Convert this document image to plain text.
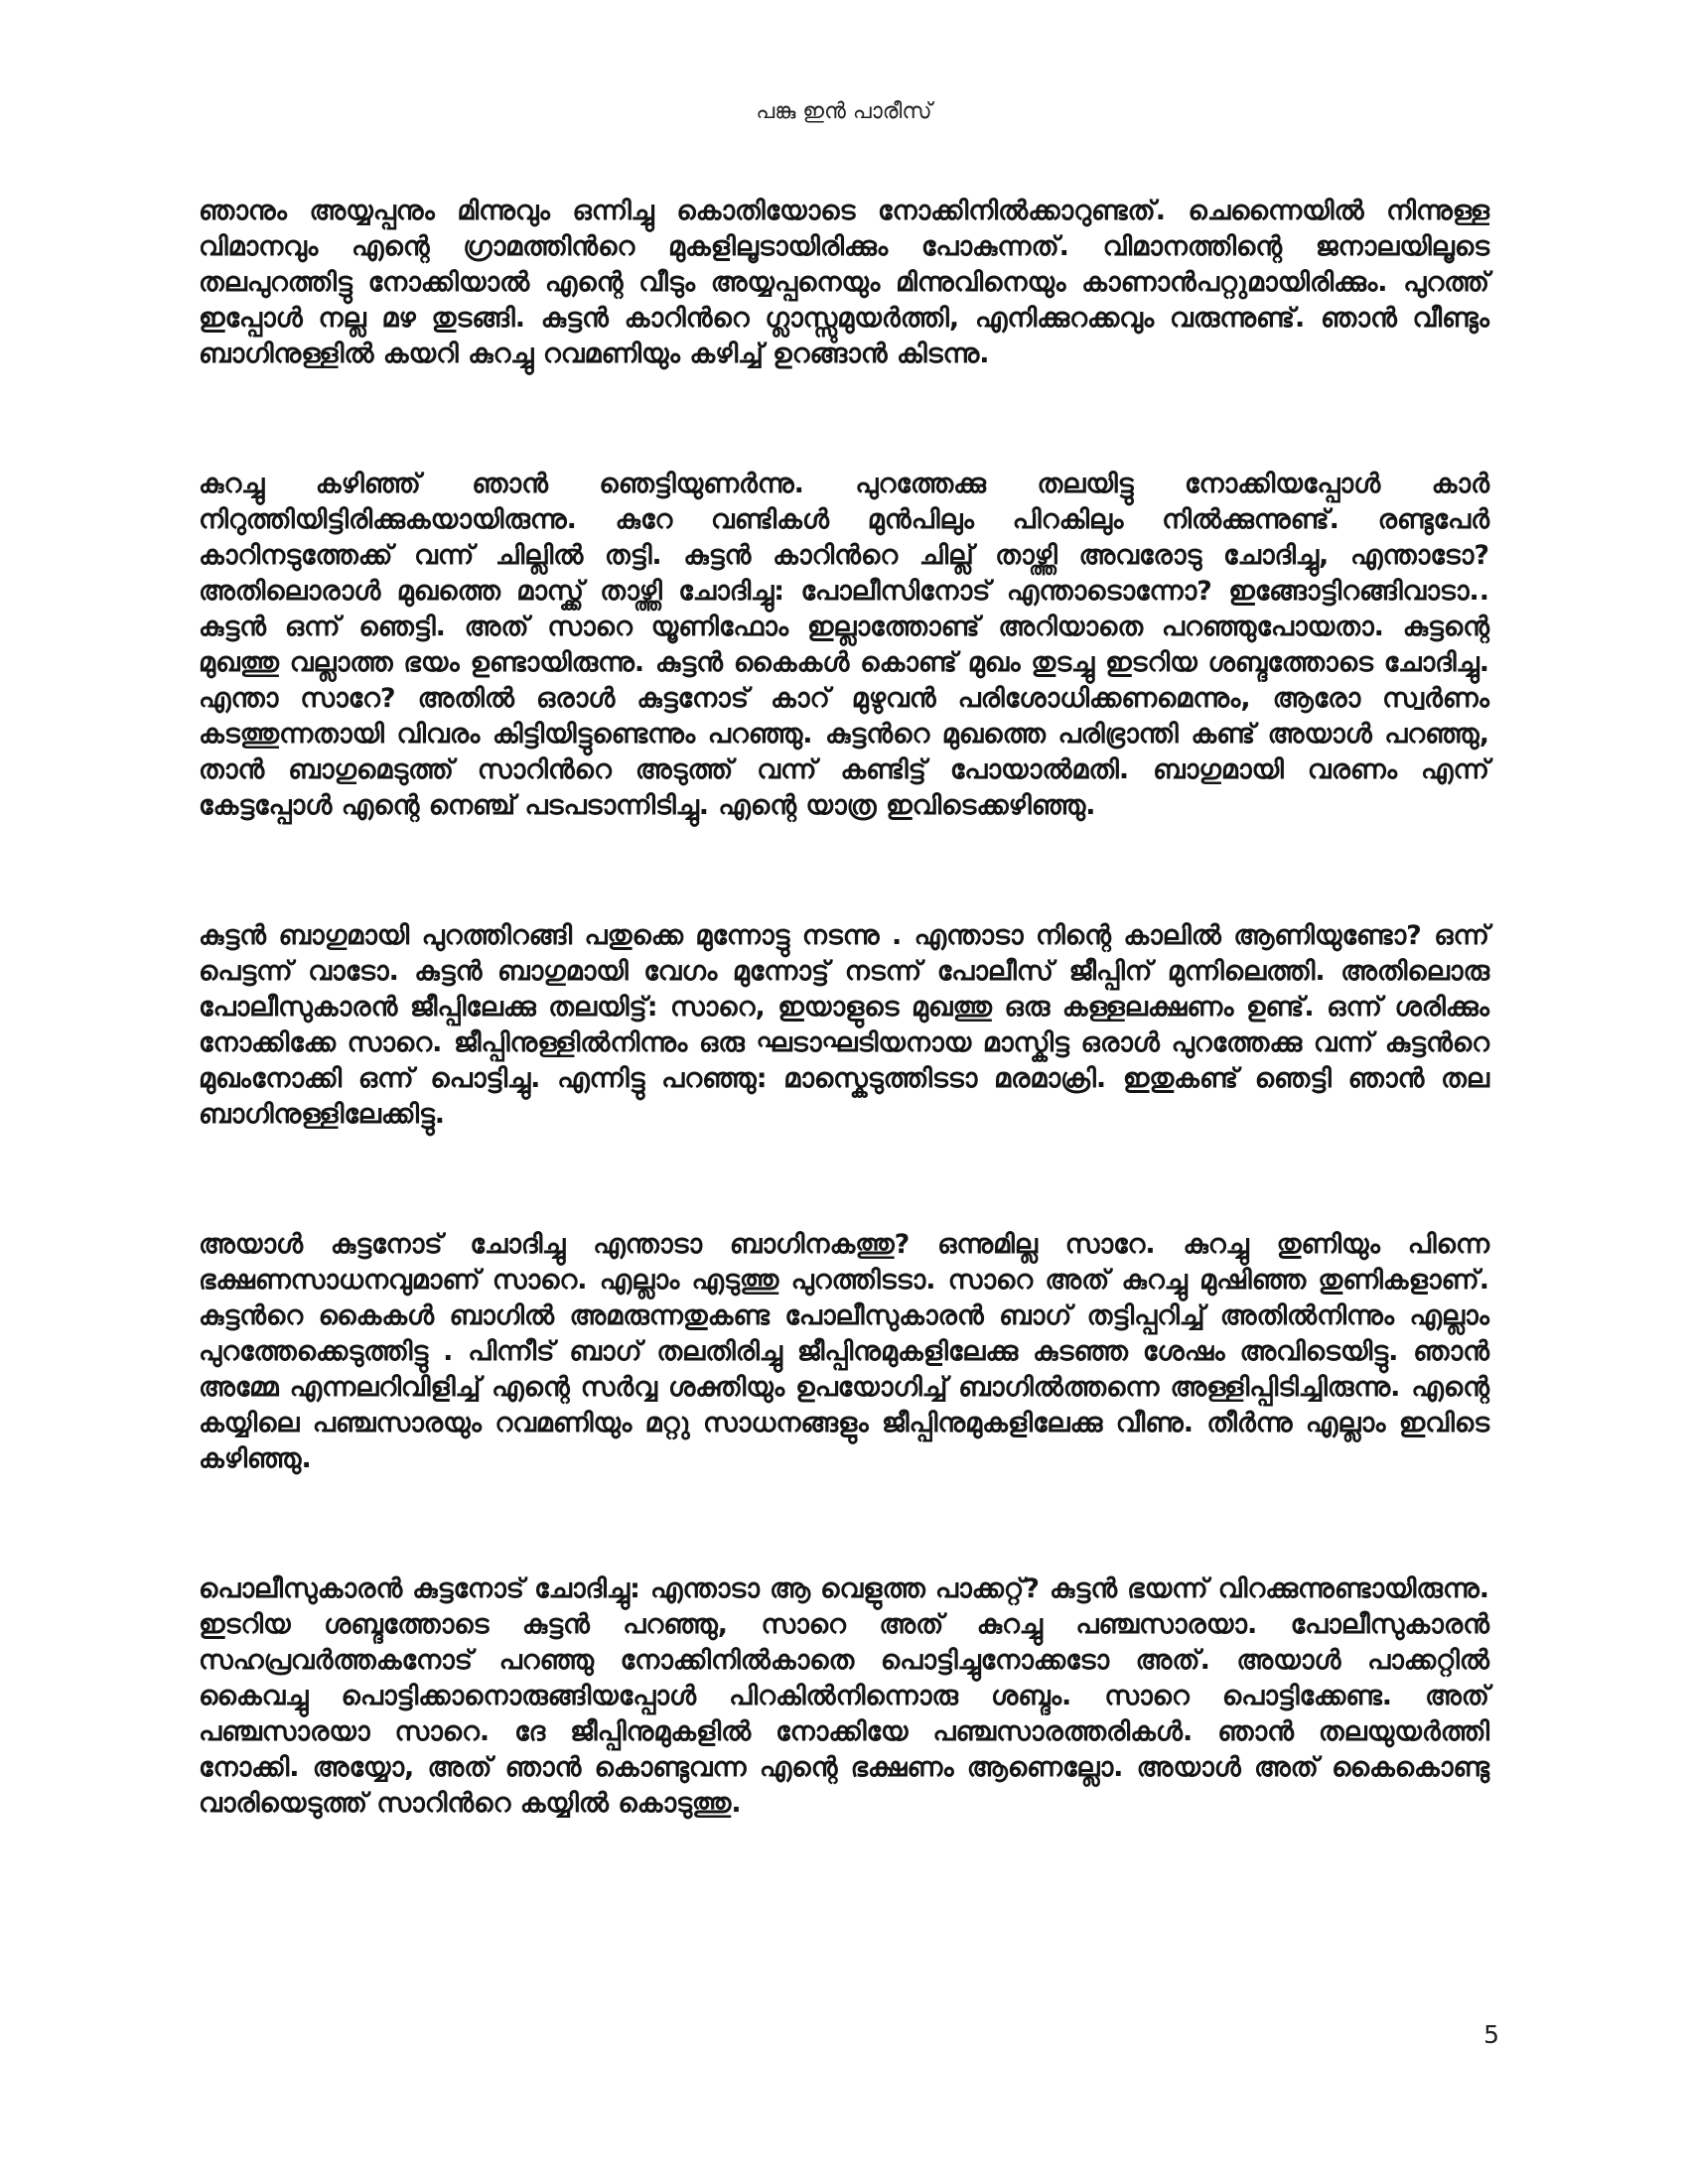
പങ്കു ഇൻ പാരീസ്

ഞാനും അയ്യപ്പനും മിന്നുവും ഒന്നിച്ചു കൊതിയോടെ നോക്കിനിൽക്കാറുണ്ടത്. ചെന്നൈയിൽ നിന്നുള്ള വിമാനവും എന്റെ ഗ്രാമത്തിൻറെ മുകളിലൂടായിരിക്കും പോകുന്നത്. വിമാനത്തിന്റെ ജനാലയിലൂടെ തലപുറത്തിട്ടു നോക്കിയാൽ എന്റെ വീടും അയ്യപ്പനെയും മിന്നുവിനെയും കാണാൻപറ്റുമായിരിക്കും. പുറത്ത് ഇപ്പോൾ നല്ല മഴ തുടങ്ങി. കുട്ടൻ കാറിൻറെ ഗ്ലാസ്സുമുയർത്തി, എനിക്കുറക്കവും വരുന്നുണ്ട്. ഞാൻ വീണ്ടും ബാഗിനുള്ളിൽ കയറി കുറച്ചു റവമണിയും കഴിച്ച് ഉറങ്ങാൻ കിടന്നു.

കുറച്ചു കഴിഞ്ഞ് ഞാൻ ഞെട്ടിയുണർന്നു. പുറത്തേക്കു തലയിട്ടു നോക്കിയപ്പോൾ കാർ നിറുത്തിയിട്ടിരിക്കുകയായിരുന്നു. കുറേ വണ്ടികൾ മുൻപിലും പിറകിലും നിൽക്കുന്നുണ്ട്. രണ്ടുപേർ കാറിനടുത്തേക്ക് വന്ന് ചില്ലിൽ തട്ടി. കുട്ടൻ കാറിൻറെ ചില്ല് താഴ്ത്തി അവരോടു ചോദിച്ചു, എന്താടോ? അതിലൊരാൾ മുഖത്തെ മാസ്ക്ക് താഴ്ത്തി ചോദിച്ചു: പോലീസിനോട് എന്താടൊന്നോ? ഇങ്ങോട്ടിറങ്ങിവാടാ.. കുട്ടൻ ഒന്ന് ഞെട്ടി. അത് സാറെ യൂണിഫോം ഇല്ലാത്തോണ്ട് അറിയാതെ പറഞ്ഞുപോയതാ. കുട്ടന്റെ മുഖത്തു വല്ലാത്ത ഭയം ഉണ്ടായിരുന്നു. കുട്ടൻ കൈകൾ കൊണ്ട് മുഖം തുടച്ചു ഇടറിയ ശബ്ദത്തോടെ ചോദിച്ചു. എന്താ സാറേ? അതിൽ ഒരാൾ കുട്ടനോട് കാറ് മുഴുവൻ പരിശോധിക്കണമെന്നും, ആരോ സ്വർണം കടത്തുന്നതായി വിവരം കിട്ടിയിട്ടുണ്ടെന്നും പറഞ്ഞു. കുട്ടൻറെ മുഖത്തെ പരിഭ്രാന്തി കണ്ട് അയാൾ പറഞ്ഞു, താൻ ബാഗുമെടുത്ത് സാറിൻറെ അടുത്ത് വന്ന് കണ്ടിട്ട് പോയാൽമതി. ബാഗുമായി വരണം എന്ന് കേട്ടപ്പോൾ എന്റെ നെഞ്ച് പടപടാന്നിടിച്ചു. എന്റെ യാത്ര ഇവിടെക്കഴിഞ്ഞു.

കുട്ടൻ ബാഗുമായി പുറത്തിറങ്ങി പതുക്കെ മുന്നോട്ടു നടന്നു . എന്താടാ നിന്റെ കാലിൽ ആണിയുണ്ടോ? ഒന്ന് പെട്ടന്ന് വാടോ. കുട്ടൻ ബാഗുമായി വേഗം മുന്നോട്ട് നടന്ന് പോലീസ് ജീപ്പിന് മുന്നിലെത്തി. അതിലൊരു പോലീസുകാരൻ ജീപ്പിലേക്കു തലയിട്ട്: സാറെ, ഇയാളുടെ മുഖത്തു ഒരു കള്ളലക്ഷണം ഉണ്ട്. ഒന്ന് ശരിക്കും നോക്കിക്കേ സാറെ. ജീപ്പിനുള്ളിൽനിന്നും ഒരു ഘടാഘടിയനായ മാസ്കിട്ട ഒരാൾ പുറത്തേക്കു വന്ന് കുട്ടൻറെ മുഖംനോക്കി ഒന്ന് പൊട്ടിച്ചു. എന്നിട്ടു പറഞ്ഞു: മാസ്കെടുത്തിടടാ മരമാക്രി. ഇതുകണ്ട് ഞെട്ടി ഞാൻ തല ബാഗിനുള്ളിലേക്കിട്ടു.

അയാൾ കുട്ടനോട് ചോദിച്ചു എന്താടാ ബാഗിനകത്തു? ഒന്നുമില്ല സാറേ. കുറച്ചു തുണിയും പിന്നെ ഭക്ഷണസാധനവുമാണ് സാറെ. എല്ലാം എടുത്തു പുറത്തിടടാ. സാറെ അത് കുറച്ചു മുഷിഞ്ഞ തുണികളാണ്. കുട്ടൻറെ കൈകൾ ബാഗിൽ അമരുന്നതുകണ്ട പോലീസുകാരൻ ബാഗ് തട്ടിപ്പറിച്ച് അതിൽനിന്നും എല്ലാം പുറത്തേക്കെടുത്തിട്ടു . പിന്നീട് ബാഗ് തലതിരിച്ചു ജീപ്പിനുമുകളിലേക്കു കുടഞ്ഞ ശേഷം അവിടെയിട്ടു. ഞാൻ അമ്മേ എന്നലറിവിളിച്ച് എന്റെ സർവ്വ ശക്തിയും ഉപയോഗിച്ച് ബാഗിൽത്തന്നെ അള്ളിപ്പിടിച്ചിരുന്നു. എന്റെ കയ്യിലെ പഞ്ചസാരയും റവമണിയും മറ്റു സാധനങ്ങളും ജീപ്പിനുമുകളിലേക്കു വീണു. തീർന്നു എല്ലാം ഇവിടെ കഴിഞ്ഞു.

പൊലീസുകാരൻ കുട്ടനോട് ചോദിച്ചു: എന്താടാ ആ വെളുത്ത പാക്കറ്റ്? കുട്ടൻ ഭയന്ന് വിറക്കുന്നുണ്ടായിരുന്നു. ഇടറിയ ശബ്ദത്തോടെ കുട്ടൻ പറഞ്ഞു, സാറെ അത് കുറച്ചു പഞ്ചസാരയാ. പോലീസുകാരൻ സഹപ്രവർത്തകനോട് പറഞ്ഞു നോക്കിനിൽകാതെ പൊട്ടിച്ചുനോക്കടോ അത്. അയാൾ പാക്കറ്റിൽ കൈവച്ചു പൊട്ടിക്കാനൊരുങ്ങിയപ്പോൾ പിറകിൽനിന്നൊരു ശബ്ദം. സാറെ പൊട്ടിക്കേണ്ട. അത് പഞ്ചസാരയാ സാറെ. ദേ ജീപ്പിനുമുകളിൽ നോക്കിയേ പഞ്ചസാരത്തരികൾ. ഞാൻ തലയുയർത്തി നോക്കി. അയ്യോ, അത് ഞാൻ കൊണ്ടുവന്ന എന്റെ ഭക്ഷണം ആണെല്ലോ. അയാൾ അത് കൈകൊണ്ടു വാരിയെടുത്ത് സാറിൻറെ കയ്യിൽ കൊടുത്തു.

5
